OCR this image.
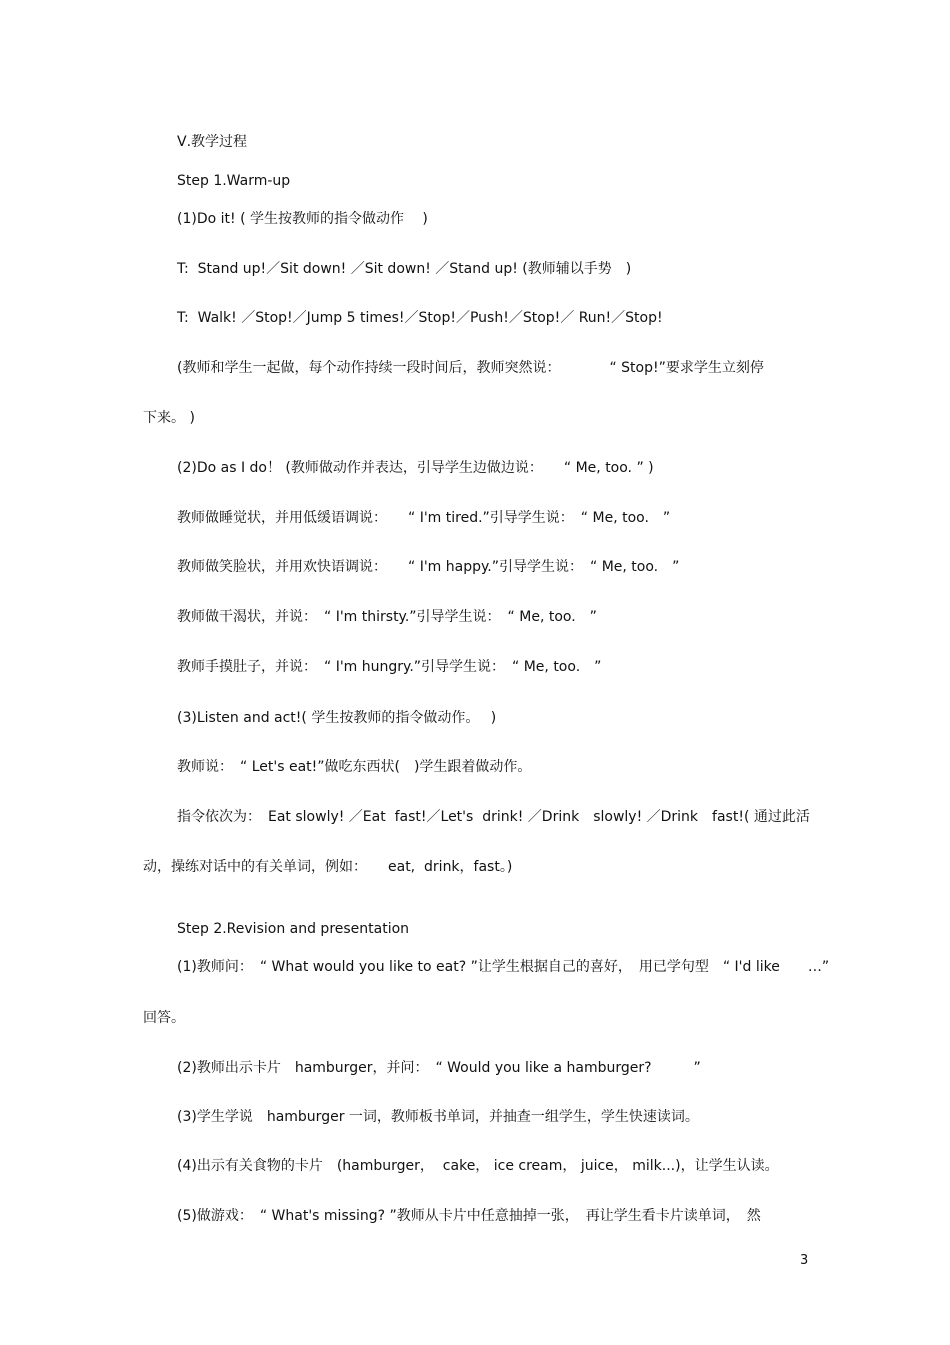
Ⅴ.教学过程
Step 1.Warm-up
(1)Do it! ( 学生按教师的指令做动作　 )
T:  Stand up!／Sit down! ／Sit down! ／Stand up! (教师辅以手势　)
T:  Walk! ／Stop!／Jump 5 times!／Stop!／Push!／Stop!／ Run!／Stop!
(教师和学生一起做，每个动作持续一段时间后，教师突然说：　　　　“ Stop!”要求学生立刻停
下来。 )
(2)Do as I do！ (教师做动作并表达，引导学生边做边说：　　“ Me, too. ” )
教师做睡觉状，并用低缓语调说：　　“ I'm tired.”引导学生说：　“ Me, too.　”
教师做笑脸状，并用欢快语调说：　　“ I'm happy.”引导学生说：　“ Me, too.　”
教师做干渴状，并说：　“ I'm thirsty.”引导学生说：　“ Me, too.　”
教师手摸肚子，并说：　“ I'm hungry.”引导学生说：　“ Me, too.　”
(3)Listen and act!( 学生按教师的指令做动作。　 )
教师说：　“ Let's eat!”做吃东西状(　)学生跟着做动作。
指令依次为：　Eat slowly! ／Eat  fast!／Let's  drink! ／Drink　slowly! ／Drink　fast!( 通过此活
动，操练对话中的有关单词，例如：　　eat,  drink，fast。)
Step 2.Revision and presentation
(1)教师问：　“ What would you like to eat? ”让学生根据自己的喜好，　用已学句型　“ I'd like　　…”
回答。
(2)教师出示卡片　hamburger，并问：　“ Would you like a hamburger?　　　”
(3)学生学说　hamburger 一词，教师板书单词，并抽查一组学生，学生快速读词。
(4)出示有关食物的卡片　(hamburger，  cake， ice cream， juice， milk...)，让学生认读。
(5)做游戏：　“ What's missing? ”教师从卡片中任意抽掉一张，　再让学生看卡片读单词，　然
3
